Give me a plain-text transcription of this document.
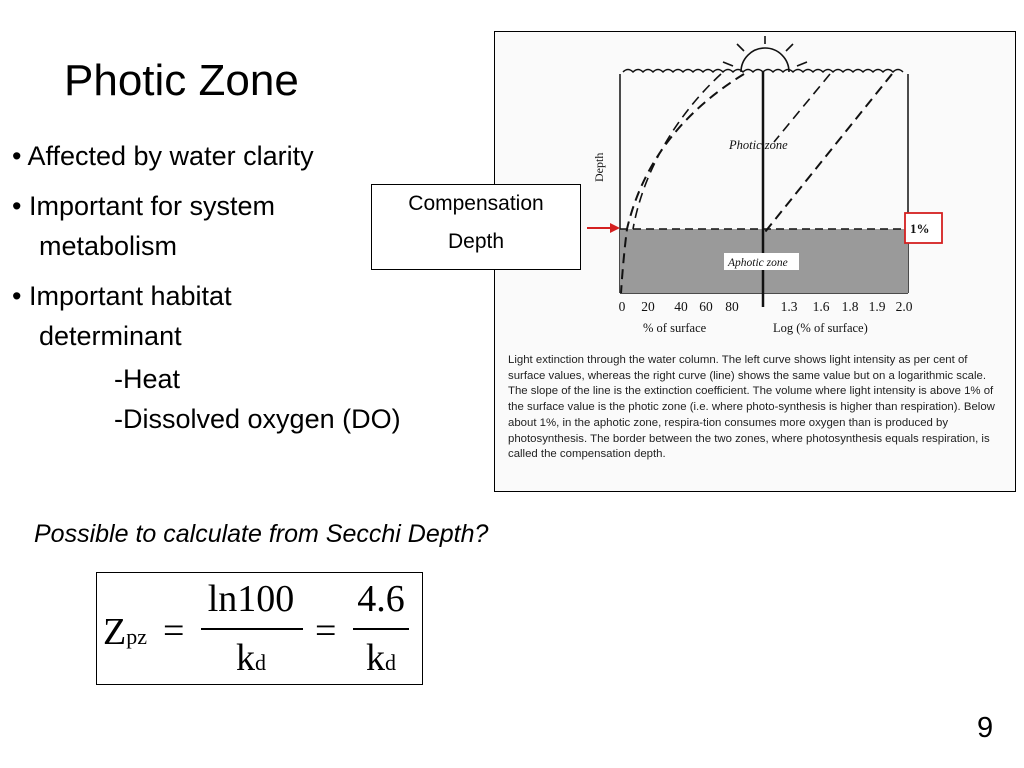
Photic Zone
• Affected by water clarity
• Important for system
metabolism
• Important habitat
determinant
-Heat
-Dissolved oxygen (DO)
Depth
Photic zone
Aphotic zone
1%
0 20 40 60 80	1.3 1.6 1.8 1.9 2.0
% of surface	Log (% of surface)
Light extinction through the water column. The left curve shows light intensity as per cent of surface values, whereas the right curve (line) shows the same value but on a logarithmic scale. The slope of the line is the extinction coefficient. The volume where light intensity is above 1% of the surface value is the photic zone (i.e. where photo-synthesis is higher than respiration). Below about 1%, in the aphotic zone, respira-tion consumes more oxygen than is produced by photosynthesis. The border between the two zones, where photosynthesis equals respiration, is called the compensation depth.
Compensation
Depth
Possible to calculate from Secchi Depth?
Zpz =
ln100
kd
=
4.6
kd
9
